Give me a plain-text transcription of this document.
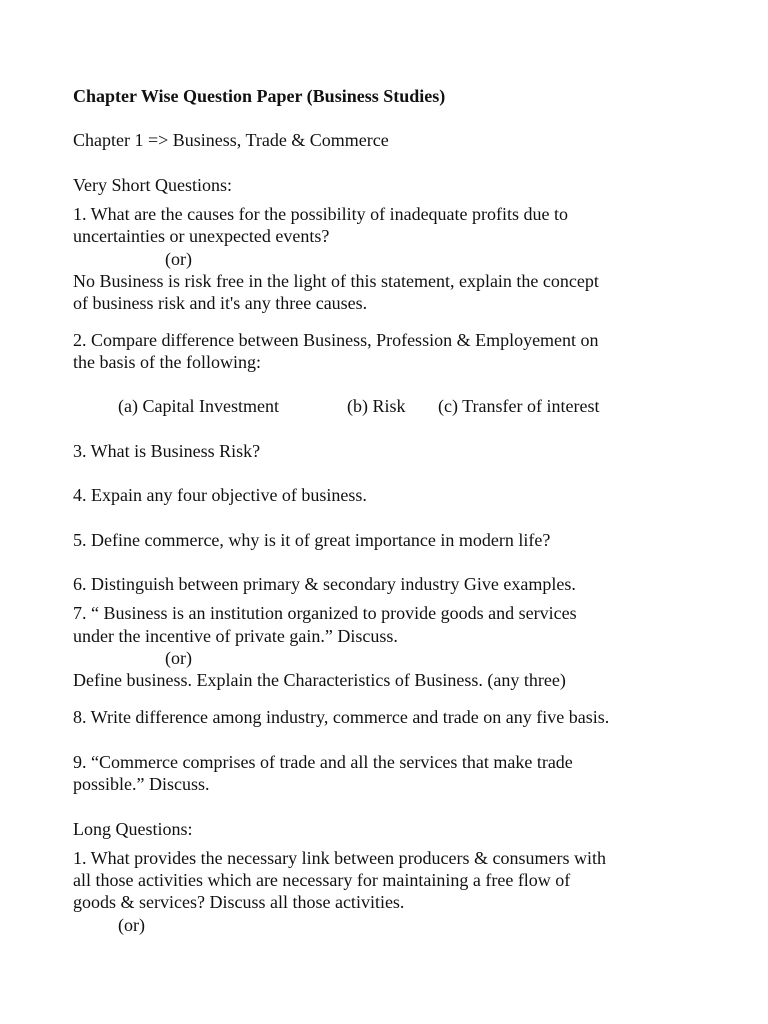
Chapter Wise Question Paper (Business Studies)
Chapter 1 => Business, Trade & Commerce
Very Short Questions:
1. What are the causes for the possibility of inadequate profits due to
uncertainties or unexpected events?
(or)
No Business is risk free in the light of this statement, explain the concept
of business risk and it's any three causes.
2. Compare difference between Business, Profession & Employement on
the basis of the following:
(a) Capital Investment	(b) Risk (c) Transfer of interest
3. What is Business Risk?
4. Expain any four objective of business.
5. Define commerce, why is it of great importance in modern life?
6. Distinguish between primary & secondary industry Give examples.
7. “ Business is an institution organized to provide goods and services
under the incentive of private gain.” Discuss.
(or)
Define business. Explain the Characteristics of Business. (any three)
8. Write difference among industry, commerce and trade on any five basis.
9. “Commerce comprises of trade and all the services that make trade
possible.” Discuss.
Long Questions:
1. What provides the necessary link between producers & consumers with
all those activities which are necessary for maintaining a free flow of
goods & services? Discuss all those activities.
(or)
